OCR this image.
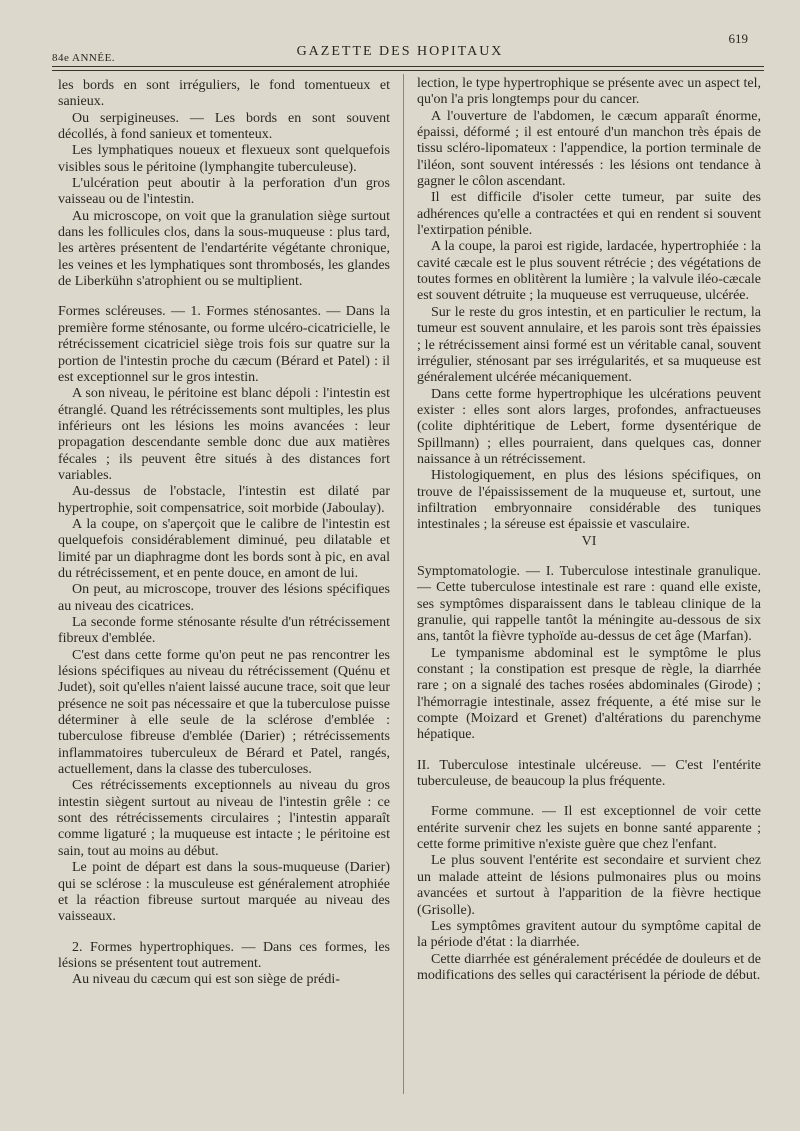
84e ANNÉE.	GAZETTE DES HOPITAUX
619

les bords en sont irréguliers, le fond tomentueux et sanieux.

Ou serpigineuses. — Les bords en sont souvent décollés, à fond sanieux et tomenteux.

Les lymphatiques noueux et flexueux sont quelquefois visibles sous le péritoine (lymphangite tuberculeuse).

L'ulcération peut aboutir à la perforation d'un gros vaisseau ou de l'intestin.

Au microscope, on voit que la granulation siège surtout dans les follicules clos, dans la sous-muqueuse : plus tard, les artères présentent de l'endartérite végétante chronique, les veines et les lymphatiques sont thrombosés, les glandes de Liberkühn s'atrophient ou se multiplient.

Formes scléreuses. — 1. Formes sténosantes. — Dans la première forme sténosante, ou forme ulcéro-cicatricielle, le rétrécissement cicatriciel siège trois fois sur quatre sur la portion de l'intestin proche du cæcum (Bérard et Patel) : il est exceptionnel sur le gros intestin.

A son niveau, le péritoine est blanc dépoli : l'intestin est étranglé. Quand les rétrécissements sont multiples, les plus inférieurs ont les lésions les moins avancées : leur propagation descendante semble donc due aux matières fécales ; ils peuvent être situés à des distances fort variables.

Au-dessus de l'obstacle, l'intestin est dilaté par hypertrophie, soit compensatrice, soit morbide (Jaboulay).

A la coupe, on s'aperçoit que le calibre de l'intestin est quelquefois considérablement diminué, peu dilatable et limité par un diaphragme dont les bords sont à pic, en aval du rétrécissement, et en pente douce, en amont de lui.

On peut, au microscope, trouver des lésions spécifiques au niveau des cicatrices.

La seconde forme sténosante résulte d'un rétrécissement fibreux d'emblée.

C'est dans cette forme qu'on peut ne pas rencontrer les lésions spécifiques au niveau du rétrécissement (Quénu et Judet), soit qu'elles n'aient laissé aucune trace, soit que leur présence ne soit pas nécessaire et que la tuberculose puisse déterminer à elle seule de la sclérose d'emblée : tuberculose fibreuse d'emblée (Darier) ; rétrécissements inflammatoires tuberculeux de Bérard et Patel, rangés, actuellement, dans la classe des tuberculoses.

Ces rétrécissements exceptionnels au niveau du gros intestin siègent surtout au niveau de l'intestin grêle : ce sont des rétrécissements circulaires ; l'intestin apparaît comme ligaturé ; la muqueuse est intacte ; le péritoine est sain, tout au moins au début.

Le point de départ est dans la sous-muqueuse (Darier) qui se sclérose : la musculeuse est généralement atrophiée et la réaction fibreuse surtout marquée au niveau des vaisseaux.

2. Formes hypertrophiques. — Dans ces formes, les lésions se présentent tout autrement.

Au niveau du cæcum qui est son siège de prédi-

lection, le type hypertrophique se présente avec un aspect tel, qu'on l'a pris longtemps pour du cancer.

A l'ouverture de l'abdomen, le cæcum apparaît énorme, épaissi, déformé ; il est entouré d'un manchon très épais de tissu scléro-lipomateux : l'appendice, la portion terminale de l'iléon, sont souvent intéressés : les lésions ont tendance à gagner le côlon ascendant.

Il est difficile d'isoler cette tumeur, par suite des adhérences qu'elle a contractées et qui en rendent si souvent l'extirpation pénible.

A la coupe, la paroi est rigide, lardacée, hypertrophiée : la cavité cæcale est le plus souvent rétrécie ; des végétations de toutes formes en oblitèrent la lumière ; la valvule iléo-cæcale est souvent détruite ; la muqueuse est verruqueuse, ulcérée.

Sur le reste du gros intestin, et en particulier le rectum, la tumeur est souvent annulaire, et les parois sont très épaissies ; le rétrécissement ainsi formé est un véritable canal, souvent irrégulier, sténosant par ses irrégularités, et sa muqueuse est généralement ulcérée mécaniquement.

Dans cette forme hypertrophique les ulcérations peuvent exister : elles sont alors larges, profondes, anfractueuses (colite diphtéritique de Lebert, forme dysentérique de Spillmann) ; elles pourraient, dans quelques cas, donner naissance à un rétrécissement.

Histologiquement, en plus des lésions spécifiques, on trouve de l'épaississement de la muqueuse et, surtout, une infiltration embryonnaire considérable des tuniques intestinales ; la séreuse est épaissie et vasculaire.

VI

Symptomatologie. — I. Tuberculose intestinale granulique. — Cette tuberculose intestinale est rare : quand elle existe, ses symptômes disparaissent dans le tableau clinique de la granulie, qui rappelle tantôt la méningite au-dessous de six ans, tantôt la fièvre typhoïde au-dessus de cet âge (Marfan).

Le tympanisme abdominal est le symptôme le plus constant ; la constipation est presque de règle, la diarrhée rare ; on a signalé des taches rosées abdominales (Girode) ; l'hémorragie intestinale, assez fréquente, a été mise sur le compte (Moizard et Grenet) d'altérations du parenchyme hépatique.

II. Tuberculose intestinale ulcéreuse. — C'est l'entérite tuberculeuse, de beaucoup la plus fréquente.

Forme commune. — Il est exceptionnel de voir cette entérite survenir chez les sujets en bonne santé apparente ; cette forme primitive n'existe guère que chez l'enfant.

Le plus souvent l'entérite est secondaire et survient chez un malade atteint de lésions pulmonaires plus ou moins avancées et surtout à l'apparition de la fièvre hectique (Grisolle).

Les symptômes gravitent autour du symptôme capital de la période d'état : la diarrhée.

Cette diarrhée est généralement précédée de douleurs et de modifications des selles qui caractérisent la période de début.
